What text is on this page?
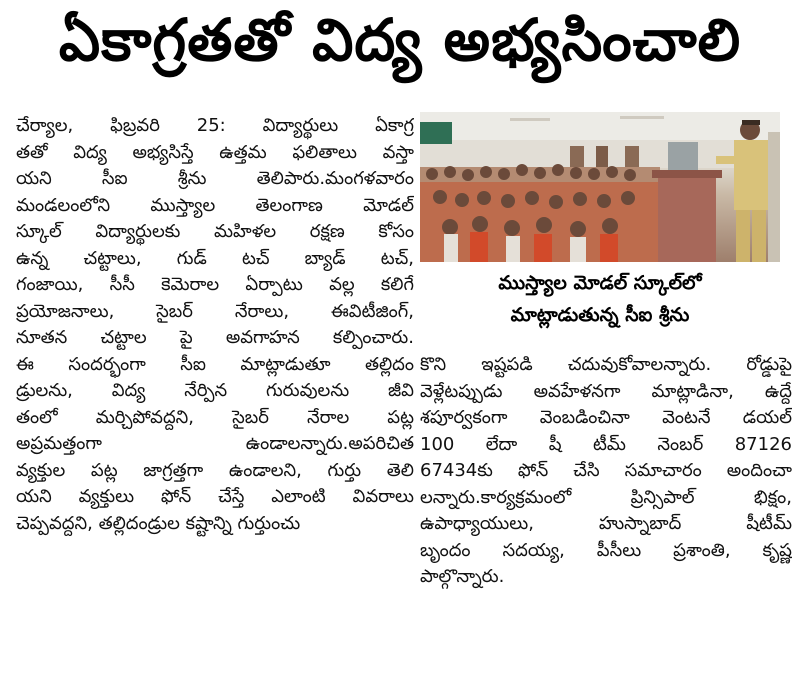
ఏకాగ్రతతో విద్య అభ్యసించాలి
చేర్యాల, ఫిబ్రవరి 25: విద్యార్థులు ఏకాగ్ర
తతో విద్య అభ్యసిస్తే ఉత్తమ ఫలితాలు వస్తా
యని సీఐ శ్రీను తెలిపారు.మంగళవారం
మండలంలోని ముస్త్యాల తెలంగాణ మోడల్
స్కూల్ విద్యార్థులకు మహిళల రక్షణ కోసం
ఉన్న చట్టాలు, గుడ్ టచ్ బ్యాడ్ టచ్,
గంజాయి, సీసీ కెమెరాల ఏర్పాటు వల్ల కలిగే
ప్రయోజనాలు, సైబర్ నేరాలు, ఈవిటీజింగ్,
నూతన చట్టాల పై అవగాహన కల్పించారు.
ఈ సందర్భంగా సీఐ మాట్లాడుతూ తల్లిదం
డ్రులను, విద్య నేర్పిన గురువులను జీవి
తంలో మర్చిపోవద్దని, సైబర్ నేరాల పట్ల
అప్రమత్తంగా ఉండాలన్నారు.అపరిచిత
వ్యక్తుల పట్ల జాగ్రత్తగా ఉండాలని, గుర్తు తెలి
యని వ్యక్తులు ఫోన్ చేస్తే ఎలాంటి వివరాలు
చెప్పవద్దని, తల్లిదండ్రుల కష్టాన్ని గుర్తుంచు
ముస్త్యాల మోడల్ స్కూల్‌లో
మాట్లాడుతున్న సీఐ శ్రీను
కొని ఇష్టపడి చదువుకోవాలన్నారు. రోడ్డుపై
వెళ్లేటప్పుడు అవహేళనగా మాట్లాడినా, ఉద్దే
శపూర్వకంగా వెంబడించినా వెంటనే డయల్
100 లేదా షీ టీమ్ నెంబర్ 87126
67434కు ఫోన్ చేసి సమాచారం అందించా
లన్నారు.కార్యక్రమంలో ప్రిన్సిపాల్ భిక్షం,
ఉపాధ్యాయులు, హుస్నాబాద్ షీటీమ్
బృందం సదయ్య, పీసీలు ప్రశాంతి, కృష్ణ
పాల్గొన్నారు.
